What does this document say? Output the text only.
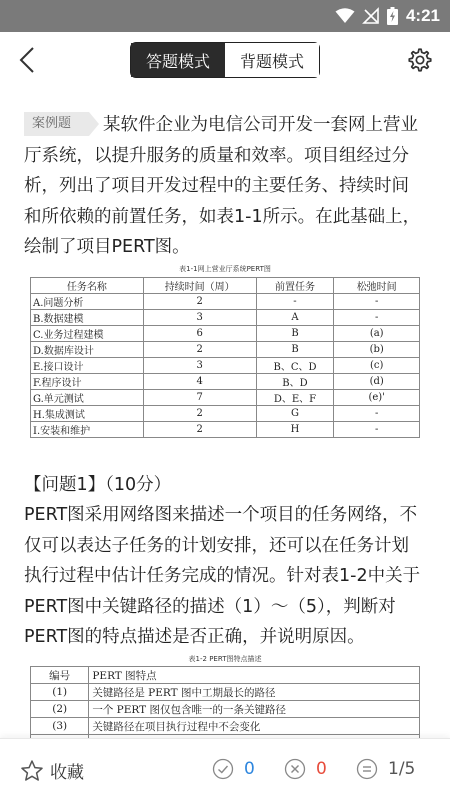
4:21
答题模式	背题模式
案例题 某软件企业为电信公司开发一套网上营业厅系统，以提升服务的质量和效率。项目组经过分析，列出了项目开发过程中的主要任务、持续时间和所依赖的前置任务，如表1-1所示。在此基础上，绘制了项目PERT图。
表1-1网上营业厅系统PERT图
任务名称	持续时间（周）	前置任务	松弛时间
A.问题分析	2	-	-
B.数据建模	3	A	-
C.业务过程建模	6	B	(a)
D.数据库设计	2	B	(b)
E.接口设计	3	B、C、D	(c)
F.程序设计	4	B、D	(d)
G.单元测试	7	D、E、F	(e)'
H.集成测试	2	G	-
I.安装和维护	2	H	-
【问题1】（10分）
PERT图采用网络图来描述一个项目的任务网络，不仅可以表达子任务的计划安排，还可以在任务计划执行过程中估计任务完成的情况。针对表1-2中关于PERT图中关键路径的描述（1）〜（5），判断对PERT图的特点描述是否正确，并说明原因。
表1-2 PERT图特点描述
编号	PERT 图特点
(1)	关键路径是 PERT 图中工期最长的路径
(2)	一个 PERT 图仅包含唯一的一条关键路径
(3)	关键路径在项目执行过程中不会变化

收藏	0	0	1/5
